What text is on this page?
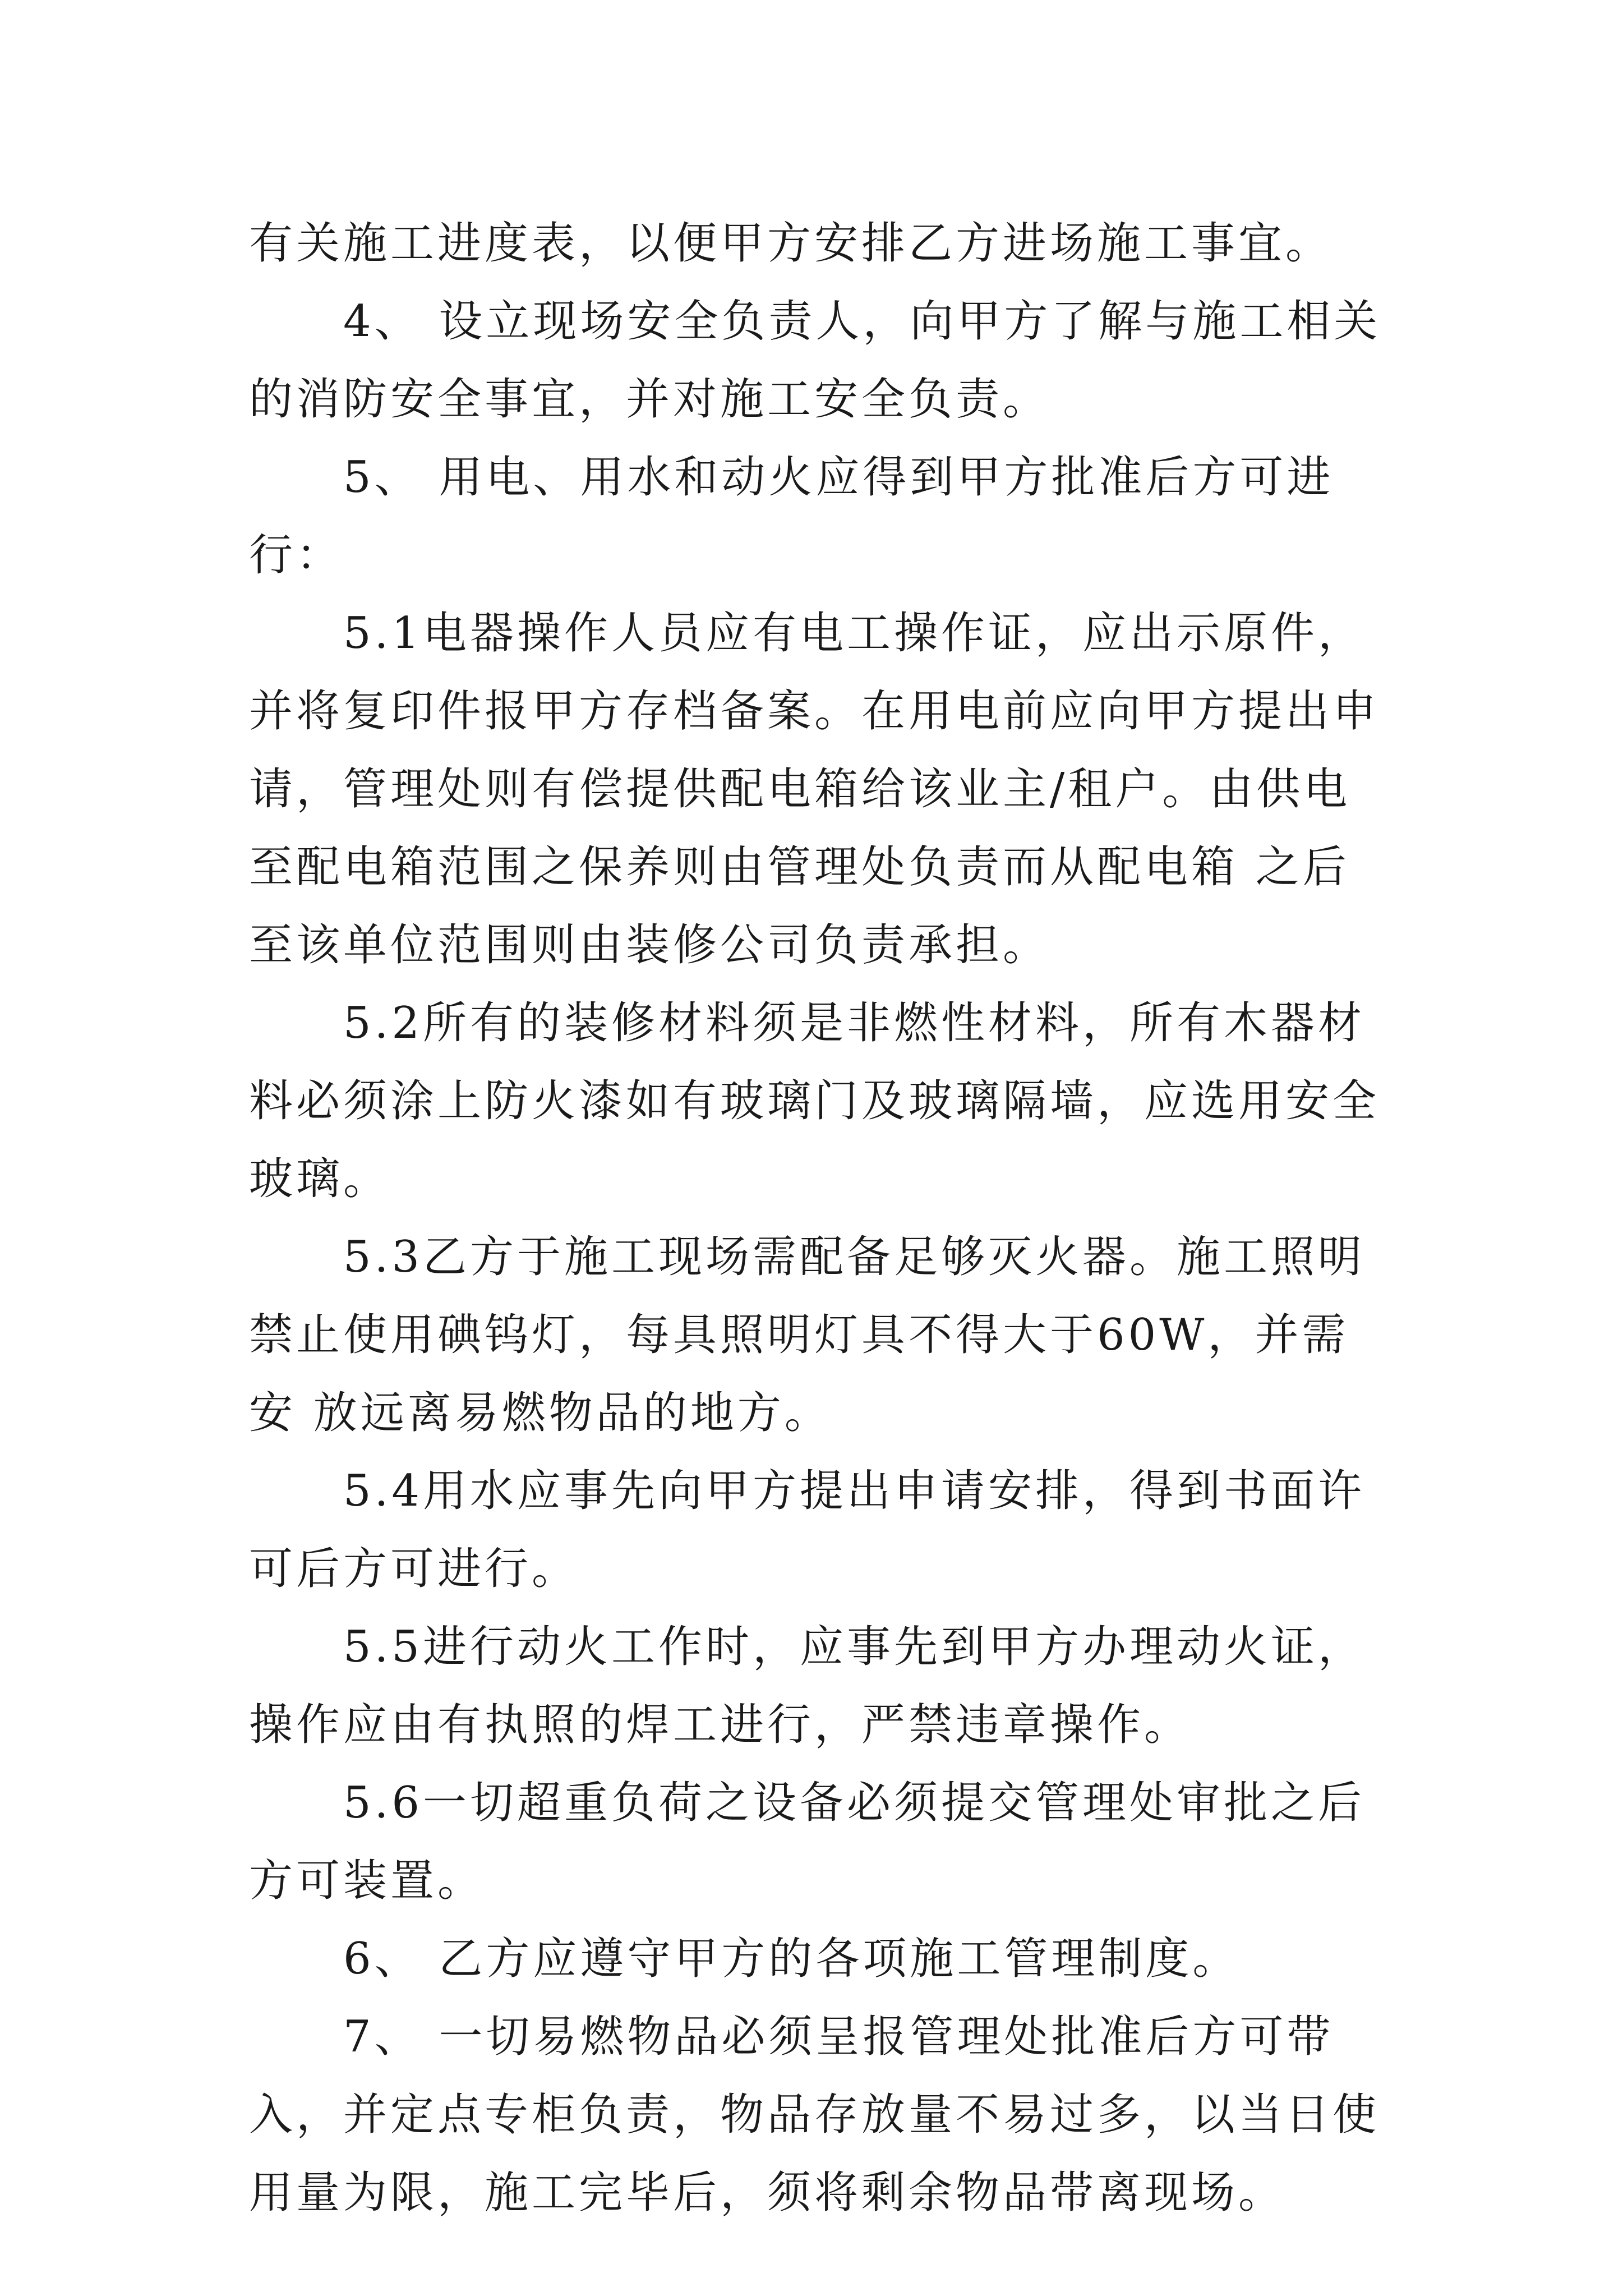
有关施工进度表，以便甲方安排乙方进场施工事宜。

4、 设立现场安全负责人，向甲方了解与施工相关的消防安全事宜，并对施工安全负责。

5、 用电、用水和动火应得到甲方批准后方可进行：

5.1电器操作人员应有电工操作证，应出示原件，并将复印件报甲方存档备案。在用电前应向甲方提出申 请，管理处则有偿提供配电箱给该业主/租户。由供电至配电箱范围之保养则由管理处负责而从配电箱 之后至该单位范围则由装修公司负责承担。

5.2所有的装修材料须是非燃性材料，所有木器材料必须涂上防火漆如有玻璃门及玻璃隔墙，应选用安全 玻璃。

5.3乙方于施工现场需配备足够灭火器。施工照明禁止使用碘钨灯，每具照明灯具不得大于60W，并需安 放远离易燃物品的地方。

5.4用水应事先向甲方提出申请安排，得到书面许可后方可进行。

5.5进行动火工作时，应事先到甲方办理动火证，操作应由有执照的焊工进行，严禁违章操作。

5.6一切超重负荷之设备必须提交管理处审批之后方可装置。

6、 乙方应遵守甲方的各项施工管理制度。

7、 一切易燃物品必须呈报管理处批准后方可带入，并定点专柜负责，物品存放量不易过多，以当日使用量为限，施工完毕后，须将剩余物品带离现场。
